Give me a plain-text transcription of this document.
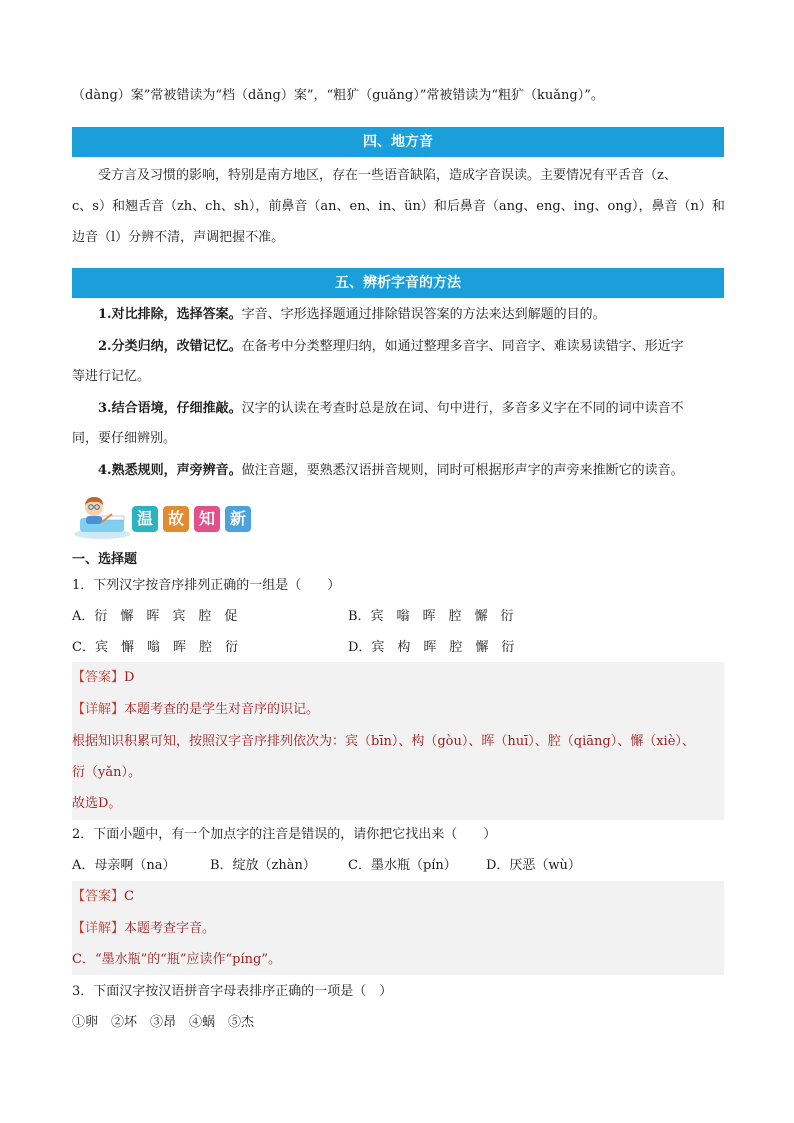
（dàng）案”常被错读为“档（dǎng）案”，“粗犷（guǎng）”常被错读为“粗犷（kuǎng）”。
四、地方音
受方言及习惯的影响，特别是南方地区，存在一些语音缺陷，造成字音误读。主要情况有平舌音（z、
c、s）和翘舌音（zh、ch、sh），前鼻音（an、en、in、ün）和后鼻音（ang、eng、ing、ong），鼻音（n）和
边音（l）分辨不清，声调把握不准。
五、辨析字音的方法
1.对比排除，选择答案。字音、字形选择题通过排除错误答案的方法来达到解题的目的。
2.分类归纳，改错记忆。在备考中分类整理归纳，如通过整理多音字、同音字、难读易读错字、形近字
等进行记忆。
3.结合语境，仔细推敲。汉字的认读在考查时总是放在词、句中进行，多音多义字在不同的词中读音不
同，要仔细辨别。
4.熟悉规则，声旁辨音。做注音题，要熟悉汉语拼音规则，同时可根据形声字的声旁来推断它的读音。
温 故 知 新
一、选择题
1．下列汉字按音序排列正确的一组是（　　）
A．衍　懈　晖　宾　腔　促	B．宾　嗡　晖　腔　懈　衍
C．宾　懈　嗡　晖　腔　衍	D．宾　构　晖　腔　懈　衍
【答案】D
【详解】本题考查的是学生对音序的识记。
根据知识积累可知，按照汉字音序排列依次为：宾（bīn）、构（gòu）、晖（huī）、腔（qiāng）、懈（xiè）、
衍（yǎn）。
故选D。
2．下面小题中，有一个加点字的注音是错误的，请你把它找出来（　　）
A．母亲啊（na）	B．绽放（zhàn） C．墨水瓶（pín） D．厌恶（wù）
【答案】C
【详解】本题考查字音。
C．“墨水瓶”的“瓶”应读作“píng”。
3．下面汉字按汉语拼音字母表排序正确的一项是（　）
①卵　②坏　③昂　④蜗　⑤杰
